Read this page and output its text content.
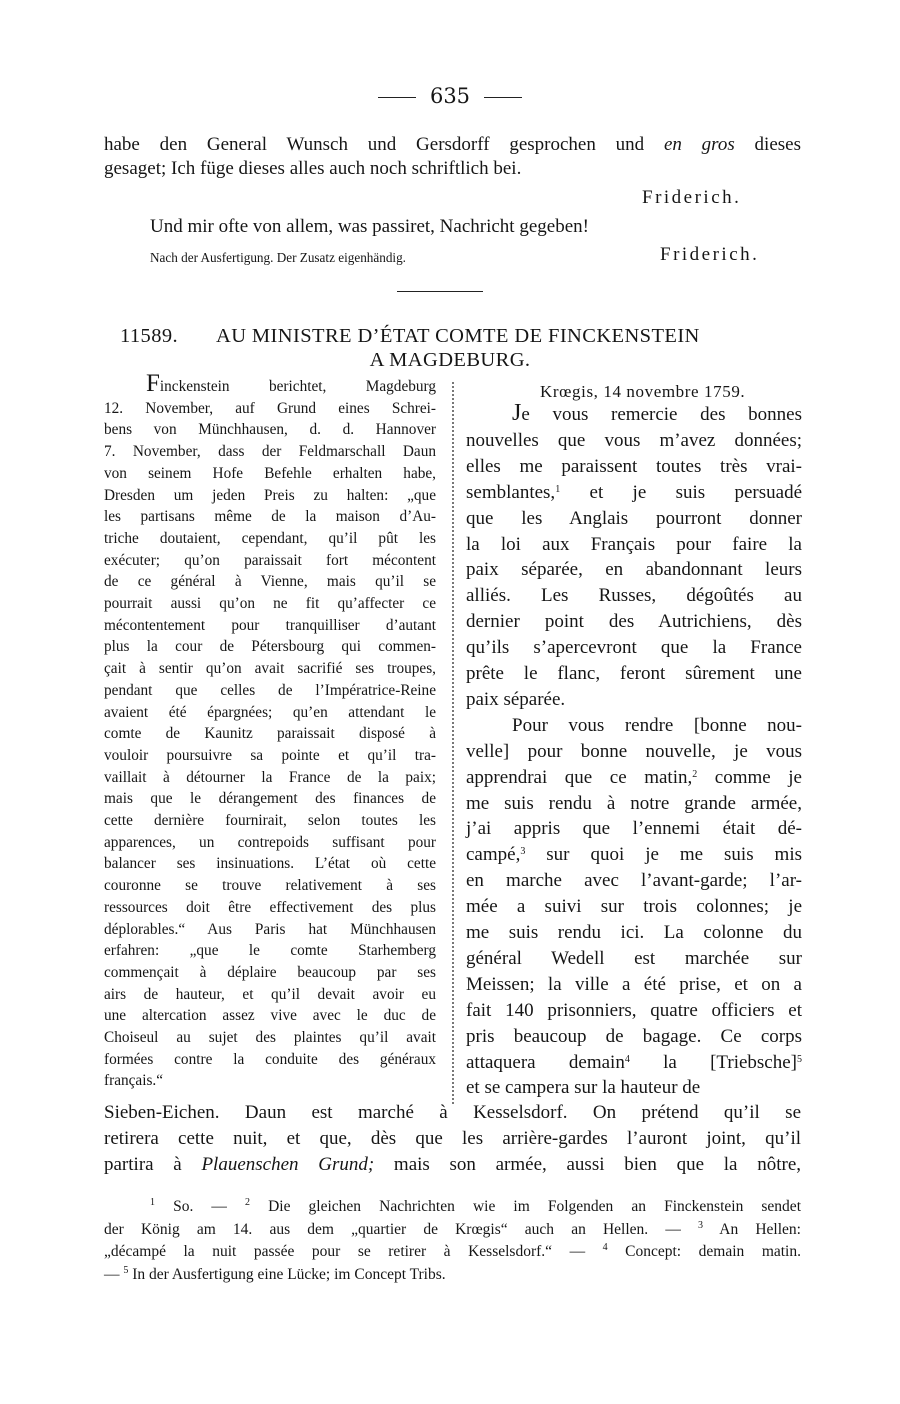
635
habe den General Wunsch und Gersdorff gesprochen und en gros dieses
gesaget; Ich füge dieses alles auch noch schriftlich bei.
Friderich.
Und mir ofte von allem, was passiret, Nachricht gegeben!
Nach der Ausfertigung. Der Zusatz eigenhändig.	Friderich.
11589. AU MINISTRE D’ÉTAT COMTE DE FINCKENSTEIN
A MAGDEBURG.
Finckenstein berichtet, Magdeburg
12. November, auf Grund eines Schrei-
bens von Münchhausen, d. d. Hannover
7. November, dass der Feldmarschall Daun
von seinem Hofe Befehle erhalten habe,
Dresden um jeden Preis zu halten: „que
les partisans même de la maison d’Au-
triche doutaient, cependant, qu’il pût les
exécuter; qu’on paraissait fort mécontent
de ce général à Vienne, mais qu’il se
pourrait aussi qu’on ne fit qu’affecter ce
mécontentement pour tranquilliser d’autant
plus la cour de Pétersbourg qui commen-
çait à sentir qu’on avait sacrifié ses troupes,
pendant que celles de l’Impératrice-Reine
avaient été épargnées; qu’en attendant le
comte de Kaunitz paraissait disposé à
vouloir poursuivre sa pointe et qu’il tra-
vaillait à détourner la France de la paix;
mais que le dérangement des finances de
cette dernière fournirait, selon toutes les
apparences, un contrepoids suffisant pour
balancer ses insinuations. L’état où cette
couronne se trouve relativement à ses
ressources doit être effectivement des plus
déplorables.“ Aus Paris hat Münchhausen
erfahren: „que le comte Starhemberg
commençait à déplaire beaucoup par ses
airs de hauteur, et qu’il devait avoir eu
une altercation assez vive avec le duc de
Choiseul au sujet des plaintes qu’il avait
formées contre la conduite des généraux
français.“
Krœgis, 14 novembre 1759.
Je vous remercie des bonnes
nouvelles que vous m’avez données;
elles me paraissent toutes très vrai-
semblantes,$^1$ et je suis persuadé
que les Anglais pourront donner
la loi aux Français pour faire la
paix séparée, en abandonnant leurs
alliés. Les Russes, dégoûtés au
dernier point des Autrichiens, dès
qu’ils s’apercevront que la France
prête le flanc, feront sûrement une
paix séparée.
Pour vous rendre [bonne nou-
velle] pour bonne nouvelle, je vous
apprendrai que ce matin,$^2$ comme je
me suis rendu à notre grande armée,
j’ai appris que l’ennemi était dé-
campé,$^3$ sur quoi je me suis mis
en marche avec l’avant-garde; l’ar-
mée a suivi sur trois colonnes; je
me suis rendu ici. La colonne du
général Wedell est marchée sur
Meissen; la ville a été prise, et on a
fait 140 prisonniers, quatre officiers et
pris beaucoup de bagage. Ce corps
attaquera demain$^4$ la [Triebsche]$^5$
et se campera sur la hauteur de
Sieben-Eichen. Daun est marché à Kesselsdorf. On prétend qu’il se
retirera cette nuit, et que, dès que les arrière-gardes l’auront joint, qu’il
partira à Plauenschen Grund; mais son armée, aussi bien que la nôtre,
$^1$ So. — $^2$ Die gleichen Nachrichten wie im Folgenden an Finckenstein sendet
der König am 14. aus dem „quartier de Krœgis“ auch an Hellen. — $^3$ An Hellen:
„décampé la nuit passée pour se retirer à Kesselsdorf.“ — $^4$ Concept: demain matin.
— $^5$ In der Ausfertigung eine Lücke; im Concept Tribs.
